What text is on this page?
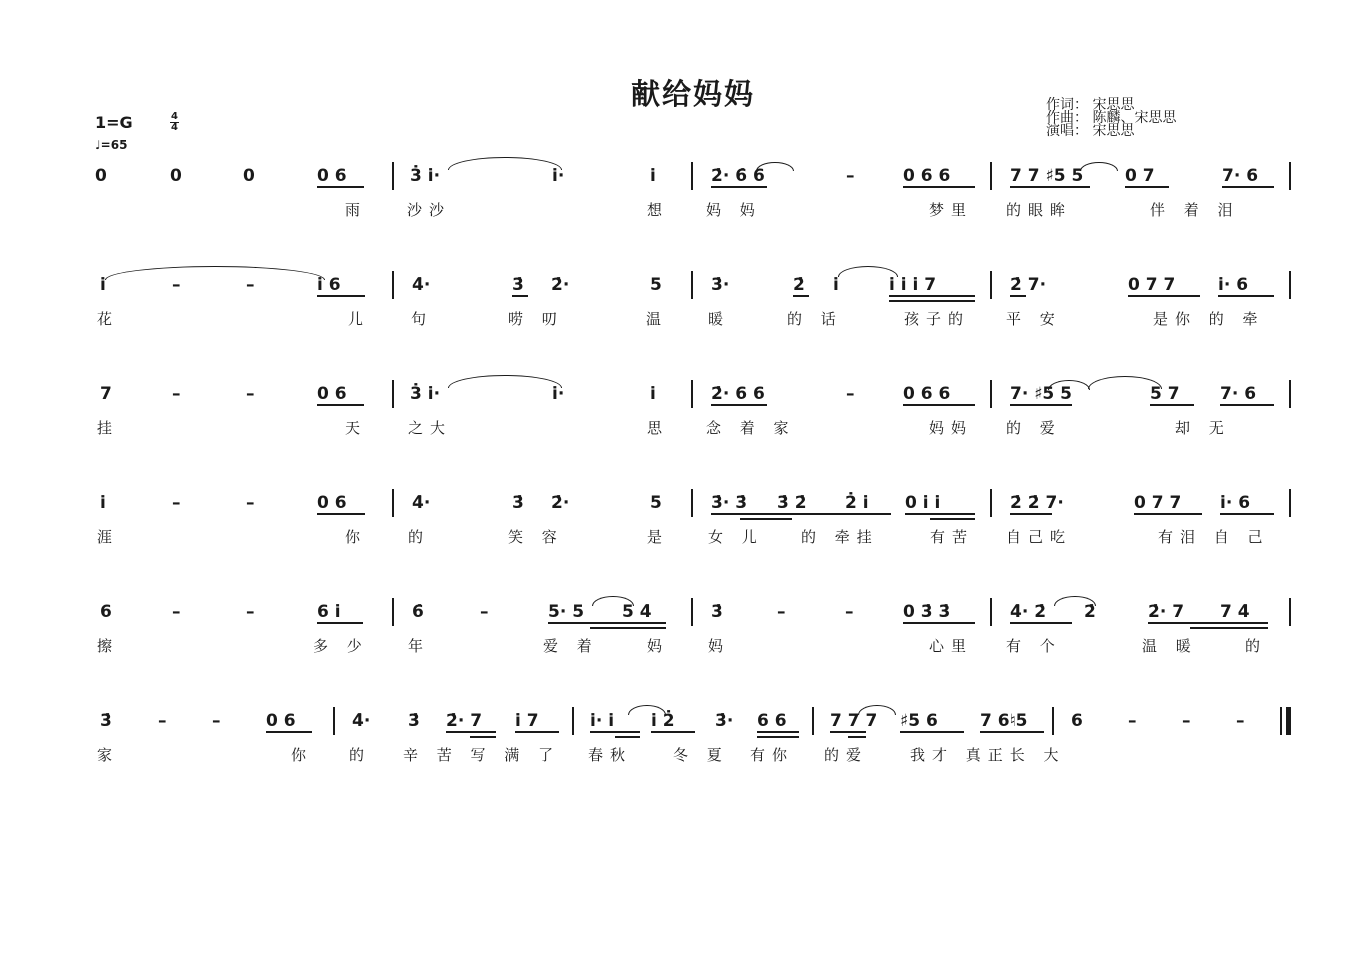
献给妈妈	作词： 宋思思
作曲： 陈麟、宋思思
演唱： 宋思思
1=G	4
4
♩=65
0	0	0	0 6	3̇ i̇·	i̇·	i̇	2̇· 6̇ 6	–	0 6 6	7 7 ♯5 5 0 7	7· 6
雨	沙沙	想 妈 妈	梦里 的眼眸	伴 着 泪
i̇	–	–	i̇ 6	4̇·	3̇ 2̇·	5	3̇·	2̇ i̇	i̇ i̇ i̇ 7	2̇ 7·	0 7 7	i̇· 6
花	儿	句	唠 叨	温	暖	的 话	孩子的 平 安	是你 的 牵
7	–	–	0 6	3̇ i̇·	i̇·	i̇	2̇· 6 6	–	0 6 6	7· ♯5 5	5 7 7· 6
挂	天	之大	思 念 着 家	妈妈 的 爱	却 无
i̇	–	–	0 6	4̇·	3̇ 2̇·	5	3̇· 3̇ 3̇ 2̇ 2̇ i̇ 0 i̇ i̇	2̇ 2̇ 7·	0 7 7 i̇· 6
涯	你	的	笑 容	是	女 儿 的 牵挂	有苦 自己吃	有泪 自 己
6	–	–	6 i̇	6̇	–	5· 5 5 4̇	3̇	–	–	0 3̇ 3̇	4̇· 2̇ 2̇	2̇· 7 7 4̇
擦	多 少	年	爱 着	妈	妈	心里 有 个	温 暖	的
3̇	–	–	0 6	4̇· 3̇ 2̇· 7 i̇ 7	i̇· i̇ i̇ 2̇ 3̇· 6 6	7 7 7 ♯5 6 7 6♮5	6	–	–	–
家	你 的 辛 苦 写 满 了 春秋	冬 夏 有你 的爱	我才 真正长 大
